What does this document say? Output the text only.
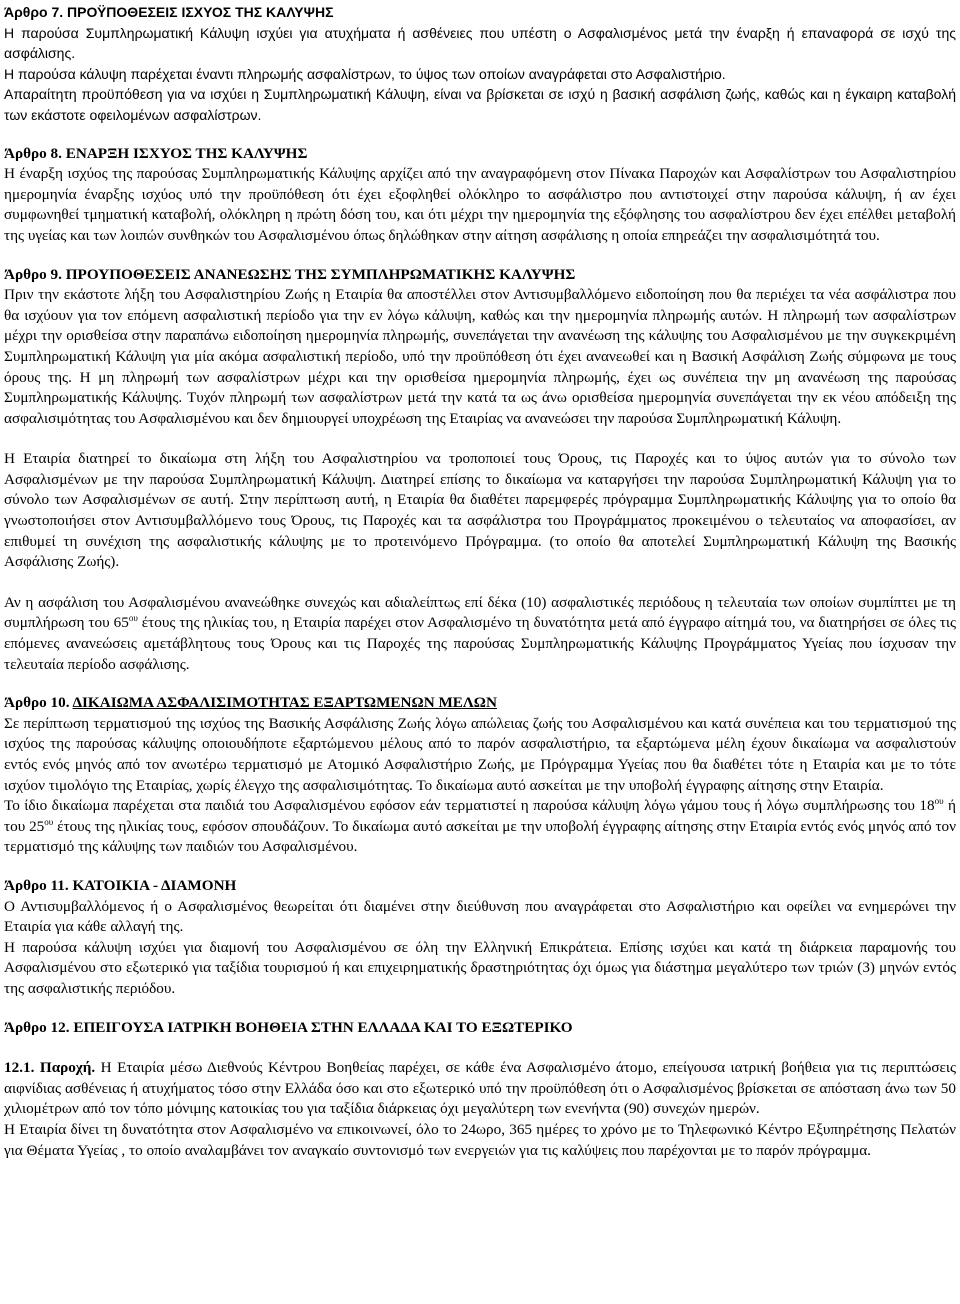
Άρθρο 7. ΠΡΟΫΠΟΘΕΣΕΙΣ ΙΣΧΥΟΣ ΤΗΣ ΚΑΛΥΨΗΣ

Η παρούσα Συμπληρωματική Κάλυψη ισχύει για ατυχήματα ή ασθένειες που υπέστη ο Ασφαλισμένος μετά την έναρξη ή επαναφορά σε ισχύ της ασφάλισης.

Η παρούσα κάλυψη παρέχεται έναντι πληρωμής ασφαλίστρων, το ύψος των οποίων αναγράφεται στο Ασφαλιστήριο.

Απαραίτητη προϋπόθεση για να ισχύει η Συμπληρωματική Κάλυψη, είναι να βρίσκεται σε ισχύ η βασική ασφάλιση ζωής, καθώς και η έγκαιρη καταβολή των εκάστοτε οφειλομένων ασφαλίστρων.

Άρθρο 8. ΕΝΑΡΞΗ ΙΣΧΥΟΣ ΤΗΣ ΚΑΛΥΨΗΣ

Η έναρξη ισχύος της παρούσας Συμπληρωματικής Κάλυψης αρχίζει από την αναγραφόμενη στον Πίνακα Παροχών και Ασφαλίστρων του Ασφαλιστηρίου ημερομηνία έναρξης ισχύος υπό την προϋπόθεση ότι έχει εξοφληθεί ολόκληρο το ασφάλιστρο που αντιστοιχεί στην παρούσα κάλυψη, ή αν έχει συμφωνηθεί τμηματική καταβολή, ολόκληρη η πρώτη δόση του, και ότι μέχρι την ημερομηνία της εξόφλησης του ασφαλίστρου δεν έχει επέλθει μεταβολή της υγείας και των λοιπών συνθηκών του Ασφαλισμένου όπως δηλώθηκαν στην αίτηση ασφάλισης η οποία επηρεάζει την ασφαλισιμότητά του.

Άρθρο 9. ΠΡΟΥΠΟΘΕΣΕΙΣ ΑΝΑΝΕΩΣΗΣ ΤΗΣ ΣΥΜΠΛΗΡΩΜΑΤΙΚΗΣ ΚΑΛΥΨΗΣ

Πριν την εκάστοτε λήξη του Ασφαλιστηρίου Ζωής η Εταιρία θα αποστέλλει στον Αντισυμβαλλόμενο ειδοποίηση που θα περιέχει τα νέα ασφάλιστρα που θα ισχύουν για τον επόμενη ασφαλιστική περίοδο για την εν λόγω κάλυψη, καθώς και την ημερομηνία πληρωμής αυτών. Η πληρωμή των ασφαλίστρων μέχρι την ορισθείσα στην παραπάνω ειδοποίηση ημερομηνία πληρωμής, συνεπάγεται την ανανέωση της κάλυψης του Ασφαλισμένου με την συγκεκριμένη Συμπληρωματική Κάλυψη για μία ακόμα ασφαλιστική περίοδο, υπό την προϋπόθεση ότι έχει ανανεωθεί και η Βασική Ασφάλιση Ζωής σύμφωνα με τους όρους της. Η μη πληρωμή των ασφαλίστρων μέχρι και την ορισθείσα ημερομηνία πληρωμής, έχει ως συνέπεια την μη ανανέωση της παρούσας Συμπληρωματικής Κάλυψης. Τυχόν πληρωμή των ασφαλίστρων μετά την κατά τα ως άνω ορισθείσα ημερομηνία συνεπάγεται την εκ νέου απόδειξη της ασφαλισιμότητας του Ασφαλισμένου και δεν δημιουργεί υποχρέωση της Εταιρίας να ανανεώσει την παρούσα Συμπληρωματική Κάλυψη.

Η Εταιρία διατηρεί το δικαίωμα στη λήξη του Ασφαλιστηρίου να τροποποιεί τους Όρους, τις Παροχές και το ύψος αυτών για το σύνολο των Ασφαλισμένων με την παρούσα Συμπληρωματική Κάλυψη. Διατηρεί επίσης το δικαίωμα να καταργήσει την παρούσα Συμπληρωματική Κάλυψη για το σύνολο των Ασφαλισμένων σε αυτή. Στην περίπτωση αυτή, η Εταιρία θα διαθέτει παρεμφερές πρόγραμμα Συμπληρωματικής Κάλυψης για το οποίο θα γνωστοποιήσει στον Αντισυμβαλλόμενο τους Όρους, τις Παροχές και τα ασφάλιστρα του Προγράμματος προκειμένου ο τελευταίος να αποφασίσει, αν επιθυμεί τη συνέχιση της ασφαλιστικής κάλυψης με το προτεινόμενο Πρόγραμμα. (το οποίο θα αποτελεί Συμπληρωματική Κάλυψη της Βασικής Ασφάλισης Ζωής).

Αν η ασφάλιση του Ασφαλισμένου ανανεώθηκε συνεχώς και αδιαλείπτως επί δέκα (10) ασφαλιστικές περιόδους η τελευταία των οποίων συμπίπτει με τη συμπλήρωση του $65^{o\upsilon}$ έτους της ηλικίας του, η Εταιρία παρέχει στον Ασφαλισμένο τη δυνατότητα μετά από έγγραφο αίτημά του, να διατηρήσει σε όλες τις επόμενες ανανεώσεις αμετάβλητους τους Όρους και τις Παροχές της παρούσας Συμπληρωματικής Κάλυψης Προγράμματος Υγείας που ίσχυσαν την τελευταία περίοδο ασφάλισης.

Άρθρο 10. ΔΙΚΑΙΩΜΑ ΑΣΦΑΛΙΣΙΜΟΤΗΤΑΣ ΕΞΑΡΤΩΜΕΝΩΝ ΜΕΛΩΝ

Σε περίπτωση τερματισμού της ισχύος της Βασικής Ασφάλισης Ζωής λόγω απώλειας ζωής του Ασφαλισμένου και κατά συνέπεια και του τερματισμού της ισχύος της παρούσας κάλυψης οποιουδήποτε εξαρτώμενου μέλους από το παρόν ασφαλιστήριο, τα εξαρτώμενα μέλη έχουν δικαίωμα να ασφαλιστούν εντός ενός μηνός από τον ανωτέρω τερματισμό με Ατομικό Ασφαλιστήριο Ζωής, με Πρόγραμμα Υγείας που θα διαθέτει τότε η Εταιρία και με το τότε ισχύον τιμολόγιο της Εταιρίας, χωρίς έλεγχο της ασφαλισιμότητας. Το δικαίωμα αυτό ασκείται με την υποβολή έγγραφης αίτησης στην Εταιρία.

Το ίδιο δικαίωμα παρέχεται στα παιδιά του Ασφαλισμένου εφόσον εάν τερματιστεί η παρούσα κάλυψη λόγω γάμου τους ή λόγω συμπλήρωσης του $18^{o\upsilon}$ ή του $25^{o\upsilon}$ έτους της ηλικίας τους, εφόσον σπουδάζουν. Το δικαίωμα αυτό ασκείται με την υποβολή έγγραφης αίτησης στην Εταιρία εντός ενός μηνός από τον τερματισμό της κάλυψης των παιδιών του Ασφαλισμένου.

Άρθρο 11. ΚΑΤΟΙΚΙΑ - ΔΙΑΜΟΝΗ

Ο Αντισυμβαλλόμενος ή ο Ασφαλισμένος θεωρείται ότι διαμένει στην διεύθυνση που αναγράφεται στο Ασφαλιστήριο και οφείλει να ενημερώνει την Εταιρία για κάθε αλλαγή της.

Η παρούσα κάλυψη ισχύει για διαμονή του Ασφαλισμένου σε όλη την Ελληνική Επικράτεια. Επίσης ισχύει και κατά τη διάρκεια παραμονής του Ασφαλισμένου στο εξωτερικό για ταξίδια τουρισμού ή και επιχειρηματικής δραστηριότητας όχι όμως για διάστημα μεγαλύτερο των τριών (3) μηνών εντός της ασφαλιστικής περιόδου.

Άρθρο 12. ΕΠΕΙΓΟΥΣΑ ΙΑΤΡΙΚΗ ΒΟΗΘΕΙΑ ΣΤΗΝ ΕΛΛΑΔΑ ΚΑΙ ΤΟ ΕΞΩΤΕΡΙΚΟ

12.1. Παροχή. Η Εταιρία μέσω Διεθνούς Κέντρου Βοηθείας παρέχει, σε κάθε ένα Ασφαλισμένο άτομο, επείγουσα ιατρική βοήθεια για τις περιπτώσεις αιφνίδιας ασθένειας ή ατυχήματος τόσο στην Ελλάδα όσο και στο εξωτερικό υπό την προϋπόθεση ότι ο Ασφαλισμένος βρίσκεται σε απόσταση άνω των 50 χιλιομέτρων από τον τόπο μόνιμης κατοικίας του για ταξίδια διάρκειας όχι μεγαλύτερη των ενενήντα (90) συνεχών ημερών.

Η Εταιρία δίνει τη δυνατότητα στον Ασφαλισμένο να επικοινωνεί, όλο το 24ωρο, 365 ημέρες το χρόνο με το Τηλεφωνικό Κέντρο Εξυπηρέτησης Πελατών για Θέματα Υγείας , το οποίο αναλαμβάνει τον αναγκαίο συντονισμό των ενεργειών για τις καλύψεις που παρέχονται με το παρόν πρόγραμμα.
